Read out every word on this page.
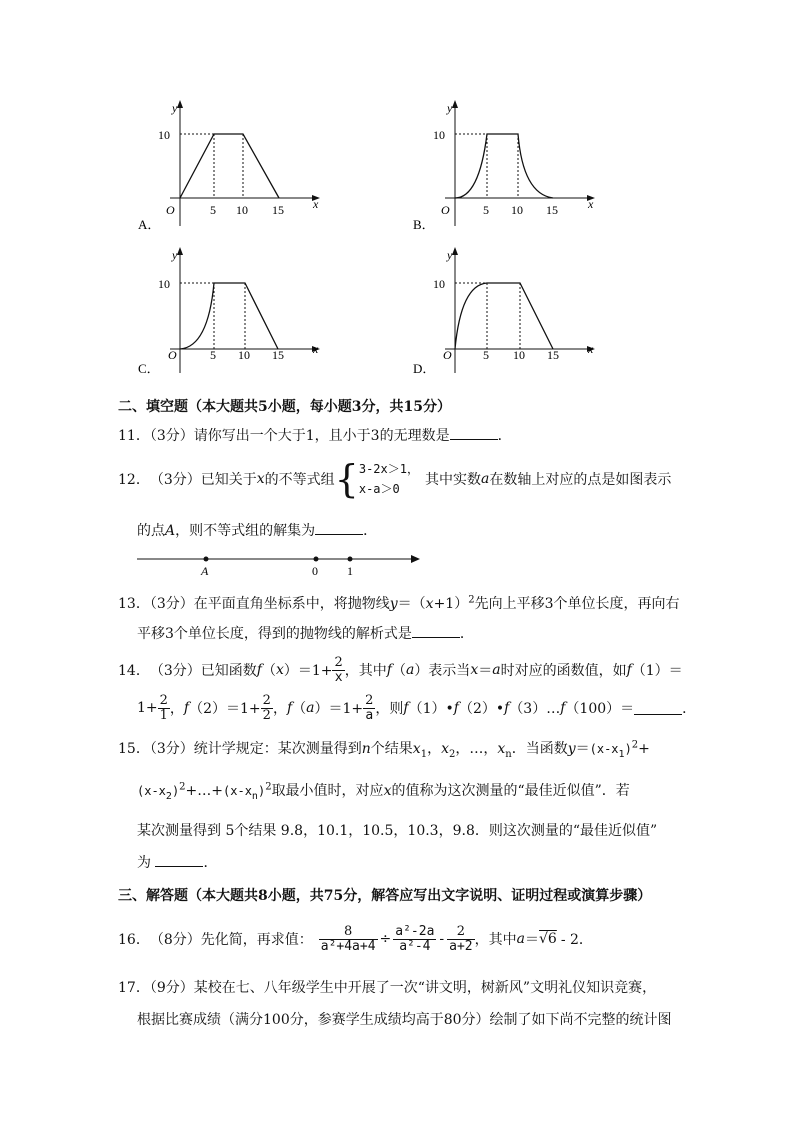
y
x
O
10
5 10 15
A．
y
x
O
10
5 10 15
B．
y
x
O
10
5 10 15
C．
y
x
O
10
5 10 15
D．
二、填空题（本大题共5小题，每小题3分，共15分）
11．（3分）请你写出一个大于1，且小于3的无理数是	．
12． （3分） 已知关于 x 的不等式组 { 3-2x＞1，
x-a＞0
其中实数 a 在数轴上对应的点是如图表示
的点A，则不等式组的解集为	．
A	0 1
13．（3分）在平面直角坐标系中，将抛物线$y=(x+1)^2$先向上平移3个单位长度，再向右
平移3个单位长度，得到的抛物线的解析式是	．
14． （3分） 已知函数 f （ x ）$=1+ \frac{2}{x}$ ，其中 f （ a ）表示当 x ＝ a 时对应的函数值，如 f （1）＝
$1+ \frac{2}{1}$ ， f $(2)=1+ \frac{2}{2}$ ， f （ a ）$=1+ \frac{2}{a}$ ，则 f （1）• f （2）• f （3）… f （100）＝	．
15．（3分）统计学规定：某次测量得到n个结果$x_1$，$x_2$，…，$x_n$．当函数$y=(x-x_1)^2+$
$(x-x_2)^2+\dots+(x-x_n)^2$取最小值时，对应x的值称为这次测量的“最佳近似值”．若
某次测量得到 5个结果 9.8，10.1，10.5，10.3，9.8．则这次测量的“最佳近似值”
为	．
三、解答题（本大题共8小题，共75分，解答应写出文字说明、证明过程或演算步骤）
16． （8分） 先化简，再求值： $\frac{8}{\text{a²+4a+4}} \div \frac{\text{a²-2a}}{\text{a²-4}} - \frac{2}{a+2}$ ，其中 a ＝ √6 - 2．
17．（9分）某校在七、八年级学生中开展了一次“讲文明，树新风”文明礼仪知识竞赛，
根据比赛成绩（满分100分，参赛学生成绩均高于80分）绘制了如下尚不完整的统计图
